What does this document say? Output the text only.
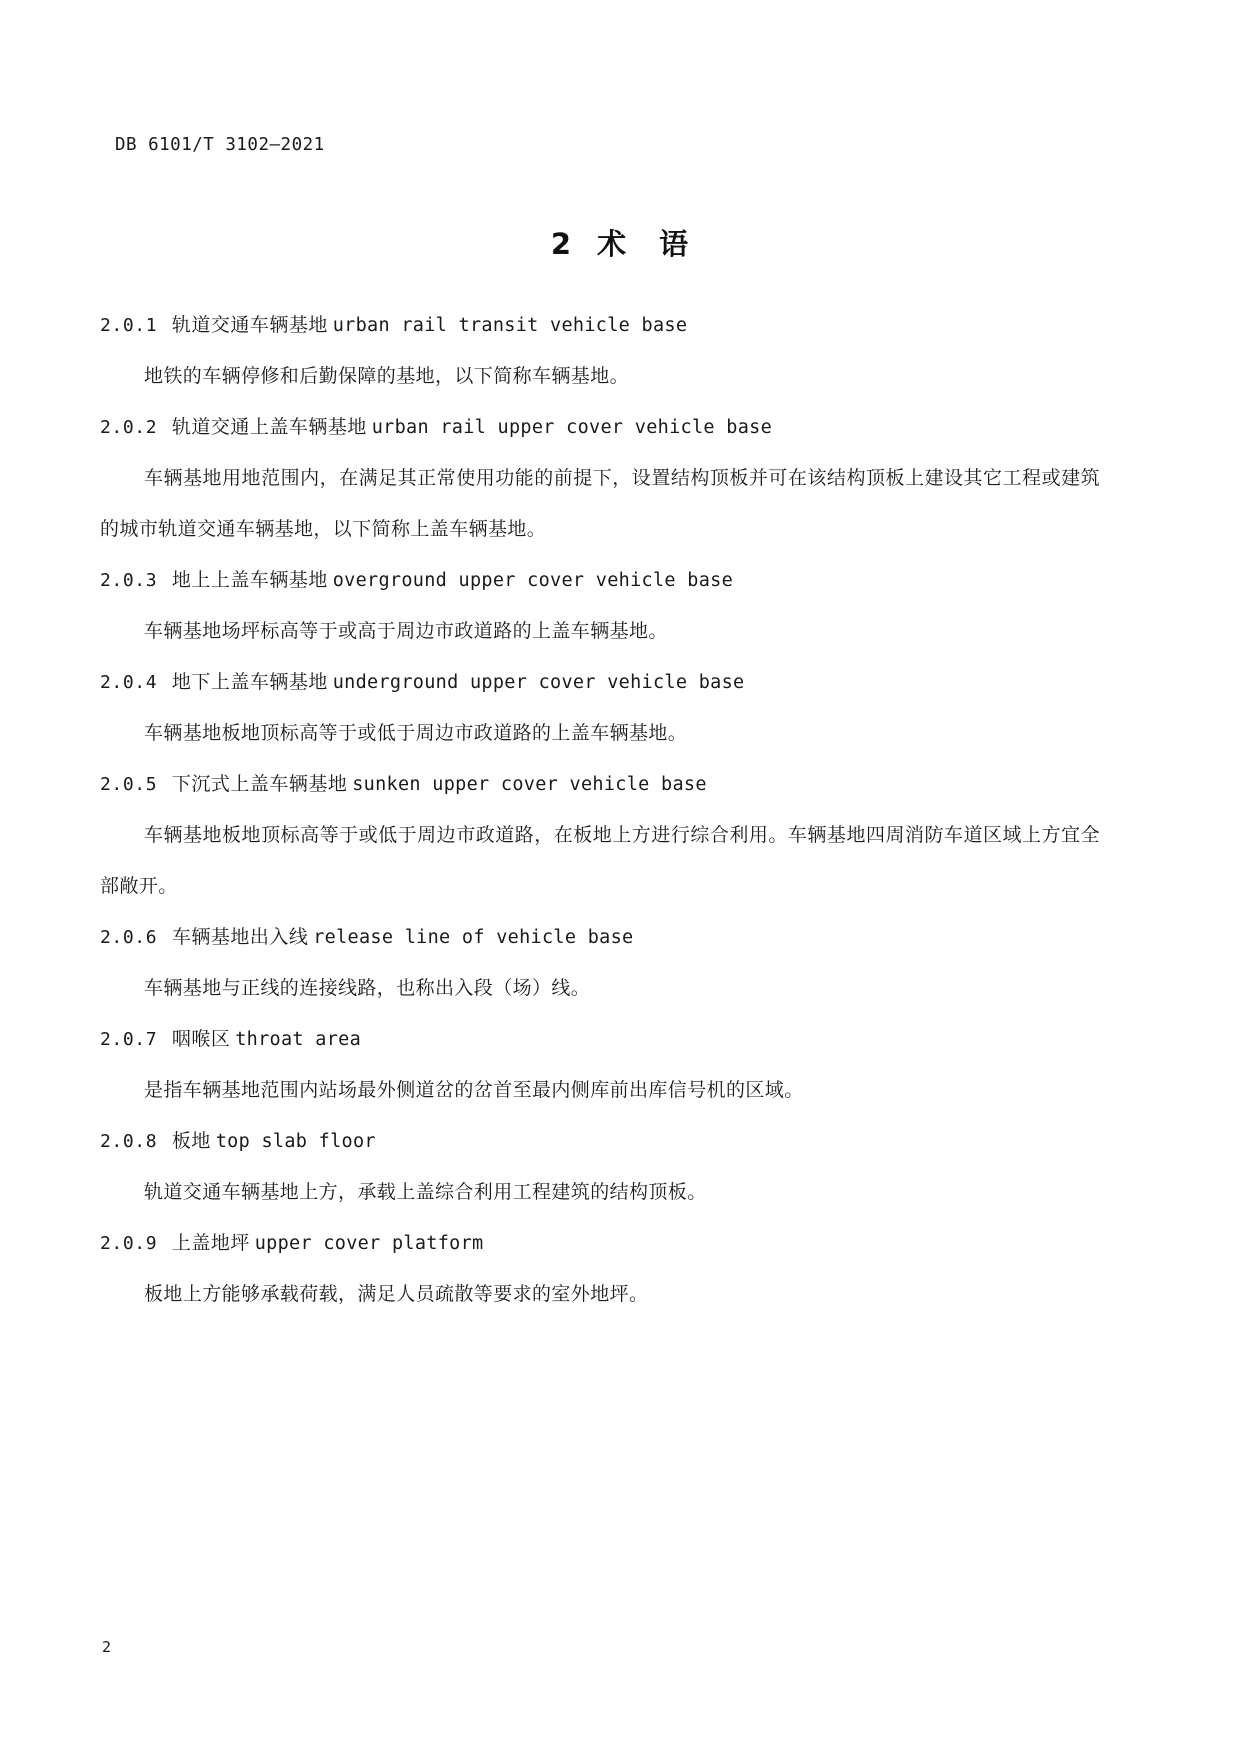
DB 6101/T 3102—2021
2 术　语
2.0.1 轨道交通车辆基地 urban rail transit vehicle base
地铁的车辆停修和后勤保障的基地，以下简称车辆基地。
2.0.2 轨道交通上盖车辆基地 urban rail upper cover vehicle base
车辆基地用地范围内，在满足其正常使用功能的前提下，设置结构顶板并可在该结构顶板上建设其它工程或建筑的城市轨道交通车辆基地，以下简称上盖车辆基地。
2.0.3 地上上盖车辆基地 overground upper cover vehicle base
车辆基地场坪标高等于或高于周边市政道路的上盖车辆基地。
2.0.4 地下上盖车辆基地 underground upper cover vehicle base
车辆基地板地顶标高等于或低于周边市政道路的上盖车辆基地。
2.0.5 下沉式上盖车辆基地 sunken upper cover vehicle base
车辆基地板地顶标高等于或低于周边市政道路，在板地上方进行综合利用。车辆基地四周消防车道区域上方宜全部敞开。
2.0.6 车辆基地出入线 release line of vehicle base
车辆基地与正线的连接线路，也称出入段（场）线。
2.0.7 咽喉区 throat area
是指车辆基地范围内站场最外侧道岔的岔首至最内侧库前出库信号机的区域。
2.0.8 板地 top slab floor
轨道交通车辆基地上方，承载上盖综合利用工程建筑的结构顶板。
2.0.9 上盖地坪 upper cover platform
板地上方能够承载荷载，满足人员疏散等要求的室外地坪。
2
